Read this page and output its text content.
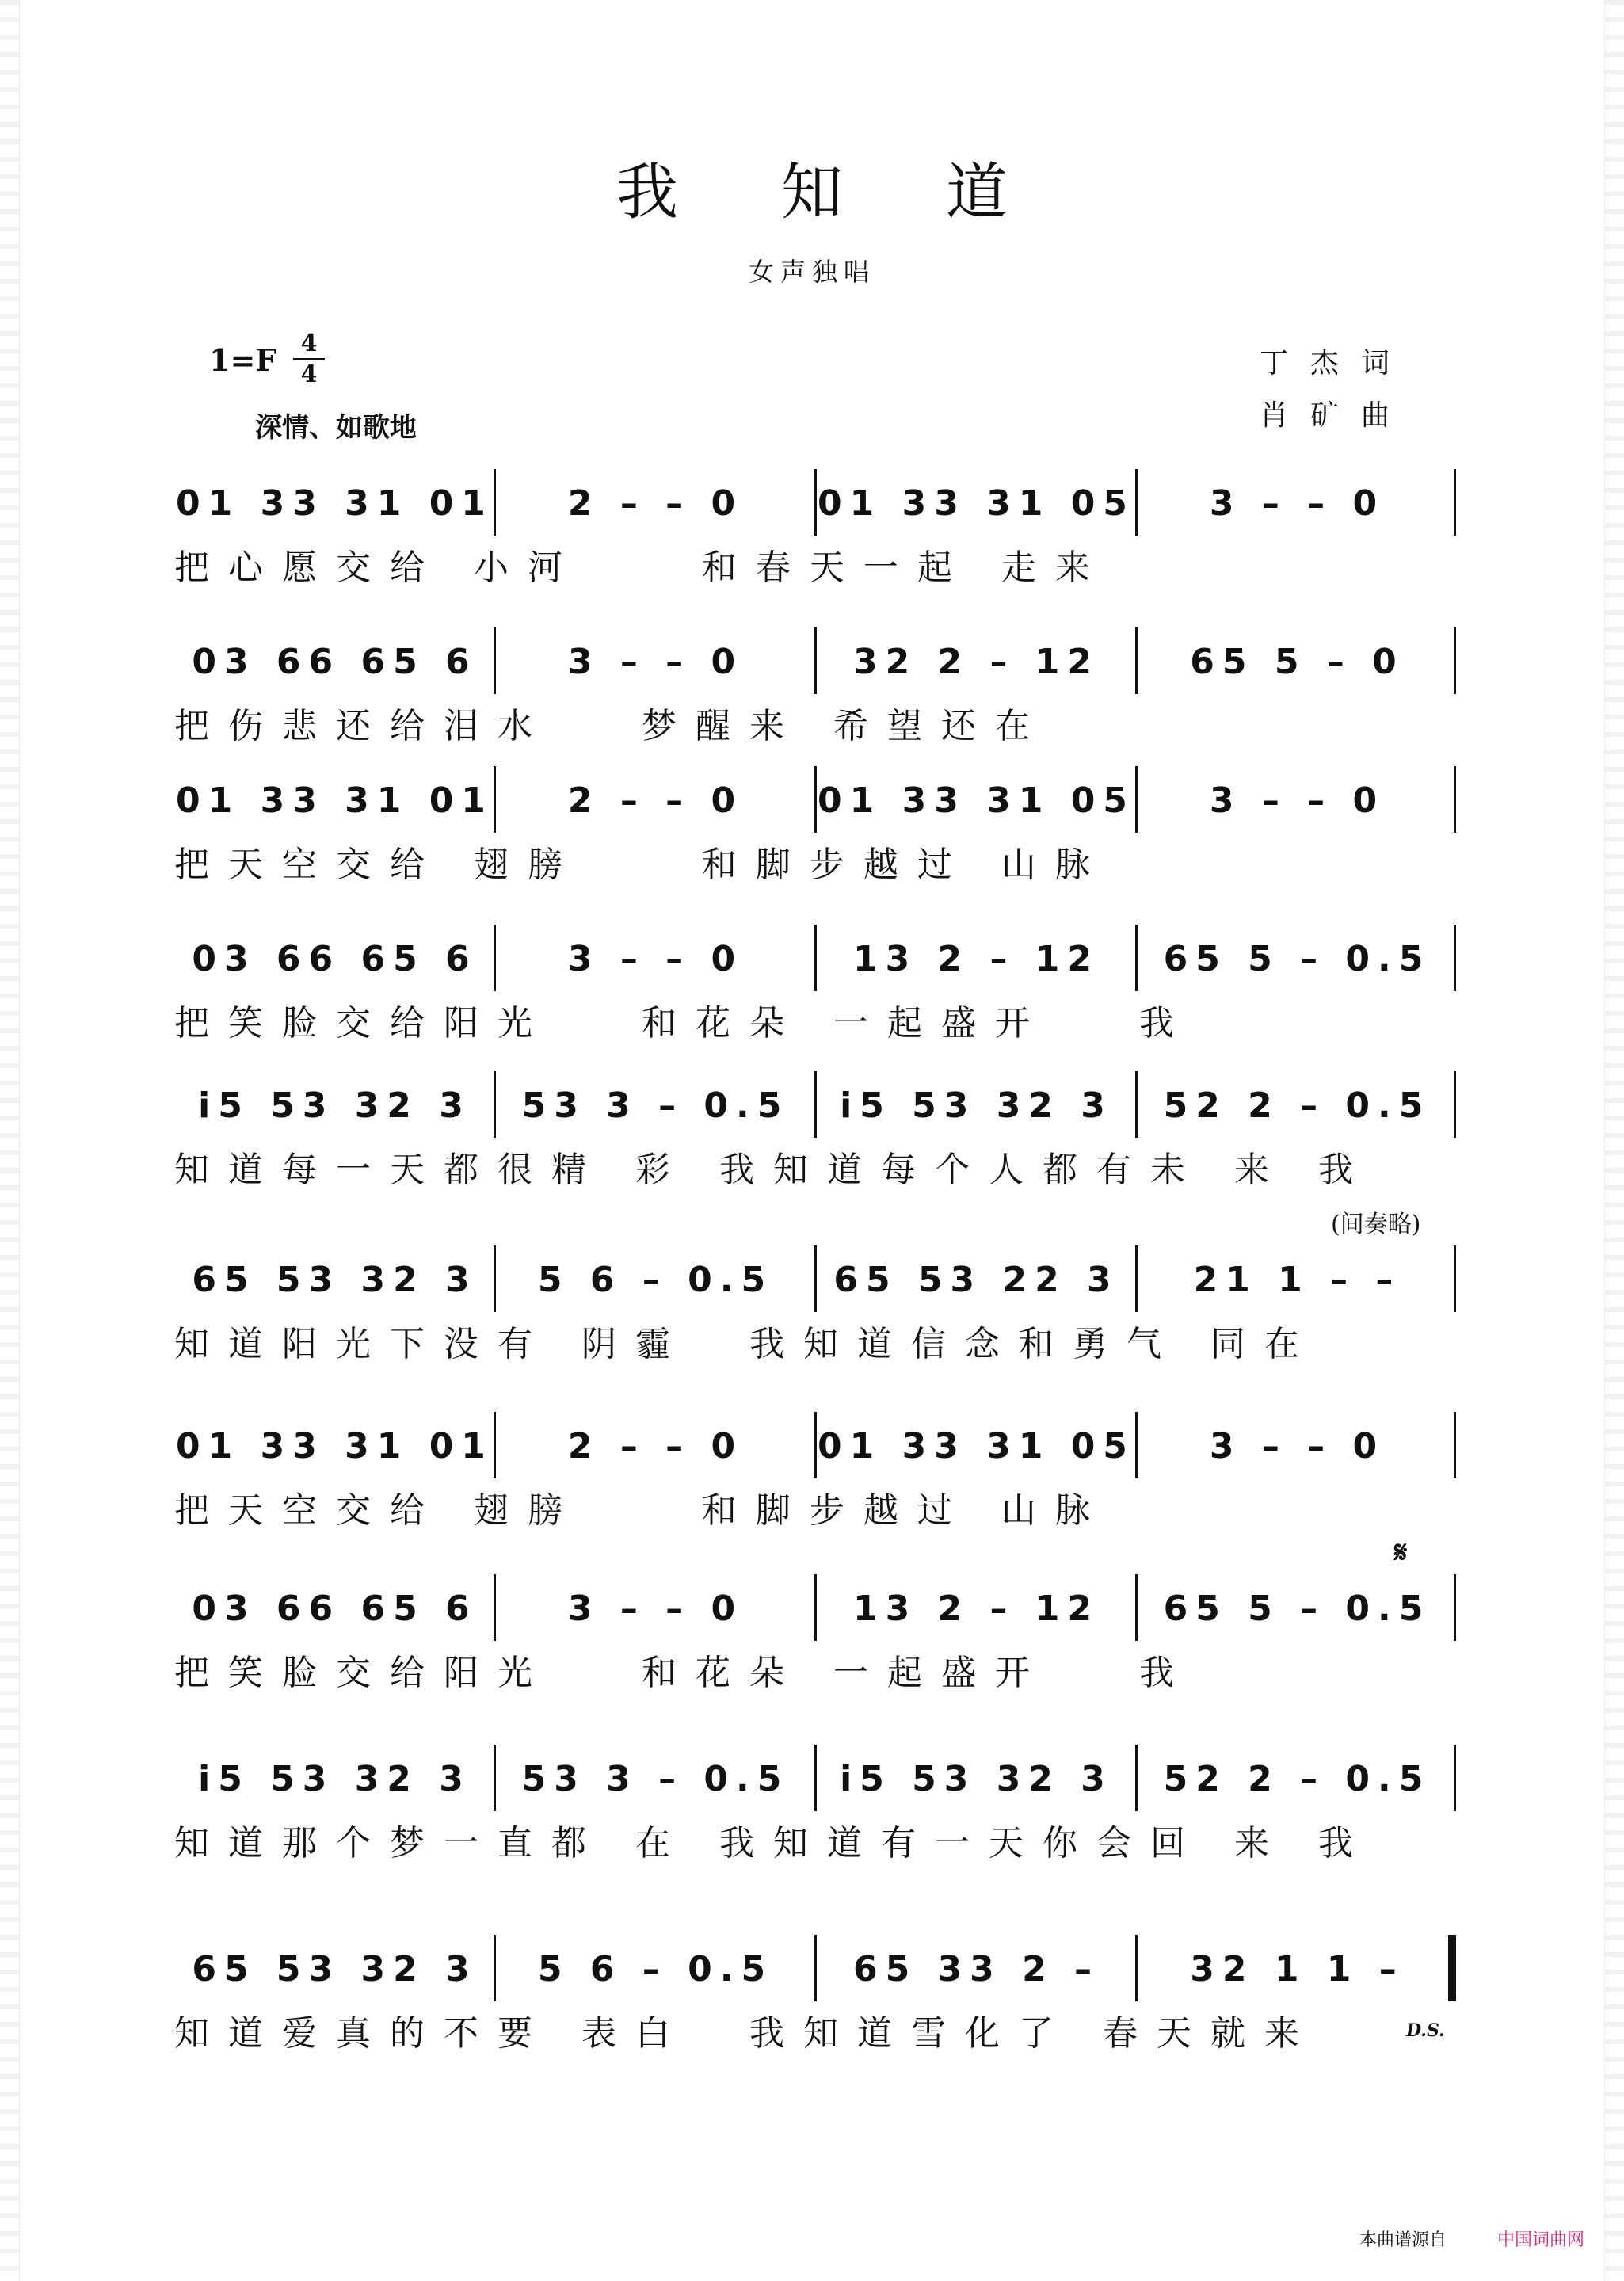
我知道
女声独唱
1=F	4
4
深情、如歌地
丁杰词
肖矿曲
01 33 31 01	2 – – 0	01 33 31 05	3 – – 0
把心愿交给 小河    和春天一起 走来
03 66 65 6	3 – – 0	32 2 – 12	65 5 – 0
把伤悲还给泪水   梦醒来 希望还在
01 33 31 01	2 – – 0	01 33 31 05	3 – – 0
把天空交给 翅膀    和脚步越过 山脉
03 66 65 6	3 – – 0	13 2 – 12	65 5 – 0.5
把笑脸交给阳光   和花朵 一起盛开   我
i5 53 32 3	53 3 – 0.5	i5 53 32 3	52 2 – 0.5
知道每一天都很精 彩 我知道每个人都有未 来 我
65 53 32 3	5 6 – 0.5	65 53 22 3	21 1 – –
知道阳光下没有 阴霾  我知道信念和勇气 同在
(间奏略)
01 33 31 01	2 – – 0	01 33 31 05	3 – – 0
把天空交给 翅膀    和脚步越过 山脉
03 66 65 6	3 – – 0	13 2 – 12	65 5 – 0.5
把笑脸交给阳光   和花朵 一起盛开   我
𝄋
i5 53 32 3	53 3 – 0.5	i5 53 32 3	52 2 – 0.5
知道那个梦一直都 在 我知道有一天你会回 来 我
65 53 32 3	5 6 – 0.5	65 33 2 –	32 1 1 –
知道爱真的不要 表白  我知道雪化了 春天就来	D.S.
本曲谱源自	中国词曲网
